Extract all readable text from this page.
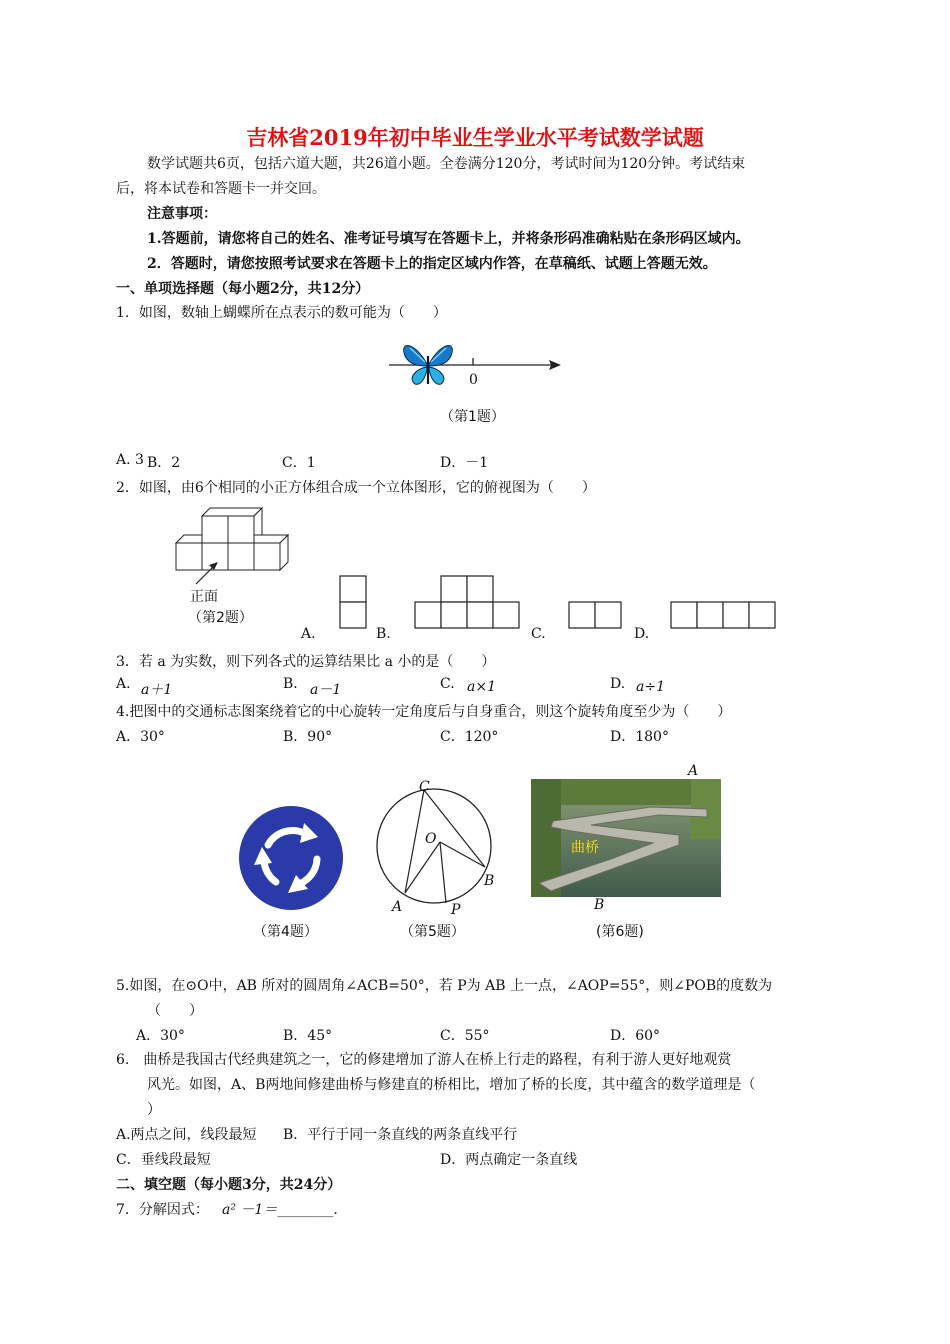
吉林省2019年初中毕业生学业水平考试数学试题
数学试题共6页，包括六道大题，共26道小题。全卷满分120分，考试时间为120分钟。考试结束
后，将本试卷和答题卡一并交回。
注意事项：
1.答题前，请您将自己的姓名、准考证号填写在答题卡上，并将条形码准确粘贴在条形码区域内。
2．答题时，请您按照考试要求在答题卡上的指定区域内作答，在草稿纸、试题上答题无效。
一、单项选择题（每小题2分，共12分）
1．如图，数轴上蝴蝶所在点表示的数可能为（　　）
0
（第1题）
A. 3 B．2	C．1	D．－1
2．如图，由6个相同的小正方体组合成一个立体图形，它的俯视图为（　　）
正面
（第2题）
A.	B.	C.	D.
3．若 a 为实数，则下列各式的运算结果比 a 小的是（　　）
A. a＋1	B. a－1	C. a×1	D. a÷1
4.把图中的交通标志图案绕着它的中心旋转一定角度后与自身重合，则这个旋转角度至少为（　　）
A．30°	B．90°	C．120°	D．180°
（第4题）
C
O
B
A	P
（第5题）
A
曲桥
B
(第6题)
5.如图，在⊙O中，AB 所对的圆周角∠ACB=50°，若 P为 AB 上一点，∠AOP=55°，则∠POB的度数为
（　　）
A．30°	B．45°	C．55°	D．60°
6.　曲桥是我国古代经典建筑之一，它的修建增加了游人在桥上行走的路程，有利于游人更好地观赏
风光。如图，A、B两地间修建曲桥与修建直的桥相比，增加了桥的长度，其中蕴含的数学道理是（
）
A.两点之间，线段最短 B．平行于同一条直线的两条直线平行
C．垂线段最短	D．两点确定一条直线
二、填空题（每小题3分，共24分）
7．分解因式： a² －1＝________.
